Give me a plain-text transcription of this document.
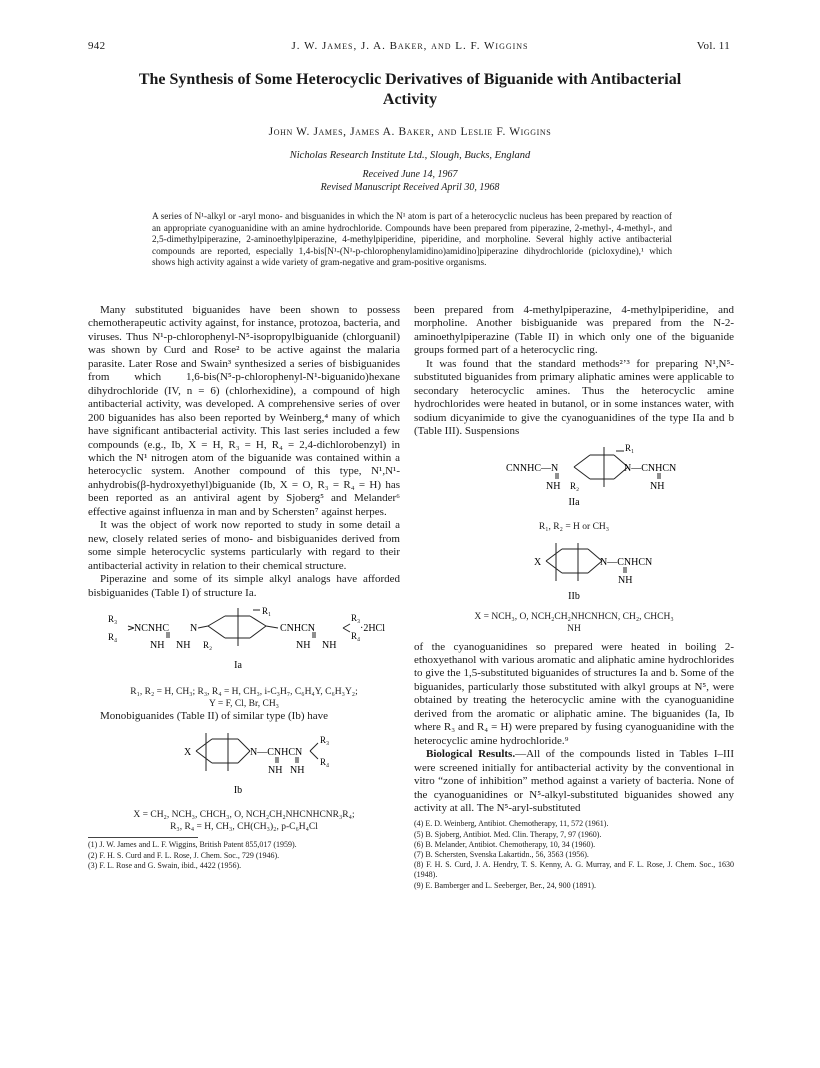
942	J. W. James, J. A. Baker, and L. F. Wiggins	Vol. 11
The Synthesis of Some Heterocyclic Derivatives of Biguanide with Antibacterial Activity
John W. James, James A. Baker, and Leslie F. Wiggins
Nicholas Research Institute Ltd., Slough, Bucks, England
Received June 14, 1967
Revised Manuscript Received April 30, 1968
A series of N¹-alkyl or -aryl mono- and bisguanides in which the N¹ atom is part of a heterocyclic nucleus has been prepared by reaction of an appropriate cyanoguanidine with an amine hydrochloride. Compounds have been prepared from piperazine, 2-methyl-, 4-methyl-, and 2,5-dimethylpiperazine, 2-aminoethylpiperazine, 4-methylpiperidine, piperidine, and morpholine. Several highly active antibacterial compounds are reported, especially 1,4-bis[N¹-(N¹-p-chlorophenylamidino)amidino]piperazine dihydrochloride (picloxydine),¹ which shows high activity against a wide variety of gram-negative and gram-positive organisms.

Many substituted biguanides have been shown to possess chemotherapeutic activity against, for instance, protozoa, bacteria, and viruses. Thus N¹-p-chlorophenyl-N⁵-isopropylbiguanide (chlorguanil) was shown by Curd and Rose² to be active against the malaria parasite. Later Rose and Swain³ synthesized a series of bisbiguanides from which 1,6-bis(N⁵-p-chlorophenyl-N¹-biguanido)hexane dihydrochloride (IV, n = 6) (chlorhexidine), a compound of high antibacterial activity, was developed. A comprehensive series of over 200 biguanides has also been reported by Weinberg,⁴ many of which have significant antibacterial activity. This last series included a few compounds (e.g., Ib, X = H, R₃ = H, R₄ = 2,4-dichlorobenzyl) in which the N¹ nitrogen atom of the biguanide was contained within a heterocyclic system. Another compound of this type, N¹,N¹-anhydrobis(β-hydroxyethyl)biguanide (Ib, X = O, R₃ = R₄ = H) has been reported as an antiviral agent by Sjoberg⁵ and Melander⁶ effective against influenza in man and by Schersten⁷ against herpes.

It was the object of work now reported to study in some detail a new, closely related series of mono- and bisbiguanides derived from some simple heterocyclic systems particularly with regard to their antibacterial activity in relation to their chemical structure.

Piperazine and some of its simple alkyl analogs have afforded bisbiguanides (Table I) of structure Ia.

R₁
R₃
R₄
NCNHC N	CNHCN
R₃
R₄
·2HCl
NH NH R₂	NH NH
Ia

R₁, R₂ = H, CH₃; R₃, R₄ = H, CH₃, i-C₃H₇, C₆H₄Y, C₆H₃Y₂;

Y = F, Cl, Br, CH₃

Monobiguanides (Table II) of similar type (Ib) have

X	N—CNHCN
R₃
R₄
NH NH
Ib

X = CH₂, NCH₃, CHCH₃, O, NCH₂CH₂NHCNHCNR₃R₄;

R₃, R₄ = H, CH₃, CH(CH₃)₂, p-C₆H₄Cl

(1) J. W. James and L. F. Wiggins, British Patent 855,017 (1959).

(2) F. H. S. Curd and F. L. Rose, J. Chem. Soc., 729 (1946).

(3) F. L. Rose and G. Swain, ibid., 4422 (1956).

been prepared from 4-methylpiperazine, 4-methylpiperidine, and morpholine. Another bisbiguanide was prepared from the N-2-aminoethylpiperazine (Table II) in which only one of the biguanide groups formed part of a heterocyclic ring.

It was found that the standard methods²ʼ³ for preparing N¹,N⁵-substituted biguanides from primary aliphatic amines were applicable to secondary heterocyclic amines. Thus the heterocyclic amine hydrochlorides were heated in butanol, or in some instances water, with sodium dicyanimide to give the cyanoguanidines of the type IIa and b (Table III). Suspensions

CNNHC—N	N—CNHCN
R₁
NH R₂	NH
IIa

R₁, R₂ = H or CH₃

X	N—CNHCN
NH
IIb

X = NCH₃, O, NCH₂CH₂NHCNHCN, CH₂, CHCH₃

NH

of the cyanoguanidines so prepared were heated in boiling 2-ethoxyethanol with various aromatic and aliphatic amine hydrochlorides to give the 1,5-substituted biguanides of structures Ia and b. Some of the biguanides, particularly those substituted with alkyl groups at N⁵, were obtained by treating the heterocyclic amine with the cyanoguanidine derived from the aromatic or aliphatic amine. The biguanides (Ia, Ib where R₃ and R₄ = H) were prepared by fusing cyanoguanidine with the heterocyclic amine hydrochloride.⁹

Biological Results.—All of the compounds listed in Tables I–III were screened initially for antibacterial activity by the conventional in vitro “zone of inhibition” method against a variety of bacteria. None of the cyanoguanidines or N⁵-alkyl-substituted biguanides showed any activity at all. The N⁵-aryl-substituted

(4) E. D. Weinberg, Antibiot. Chemotherapy, 11, 572 (1961).

(5) B. Sjoberg, Antibiot. Med. Clin. Therapy, 7, 97 (1960).

(6) B. Melander, Antibiot. Chemotherapy, 10, 34 (1960).

(7) B. Schersten, Svenska Lakartidn., 56, 3563 (1956).

(8) F. H. S. Curd, J. A. Hendry, T. S. Kenny, A. G. Murray, and F. L. Rose, J. Chem. Soc., 1630 (1948).

(9) E. Bamberger and L. Seeberger, Ber., 24, 900 (1891).
